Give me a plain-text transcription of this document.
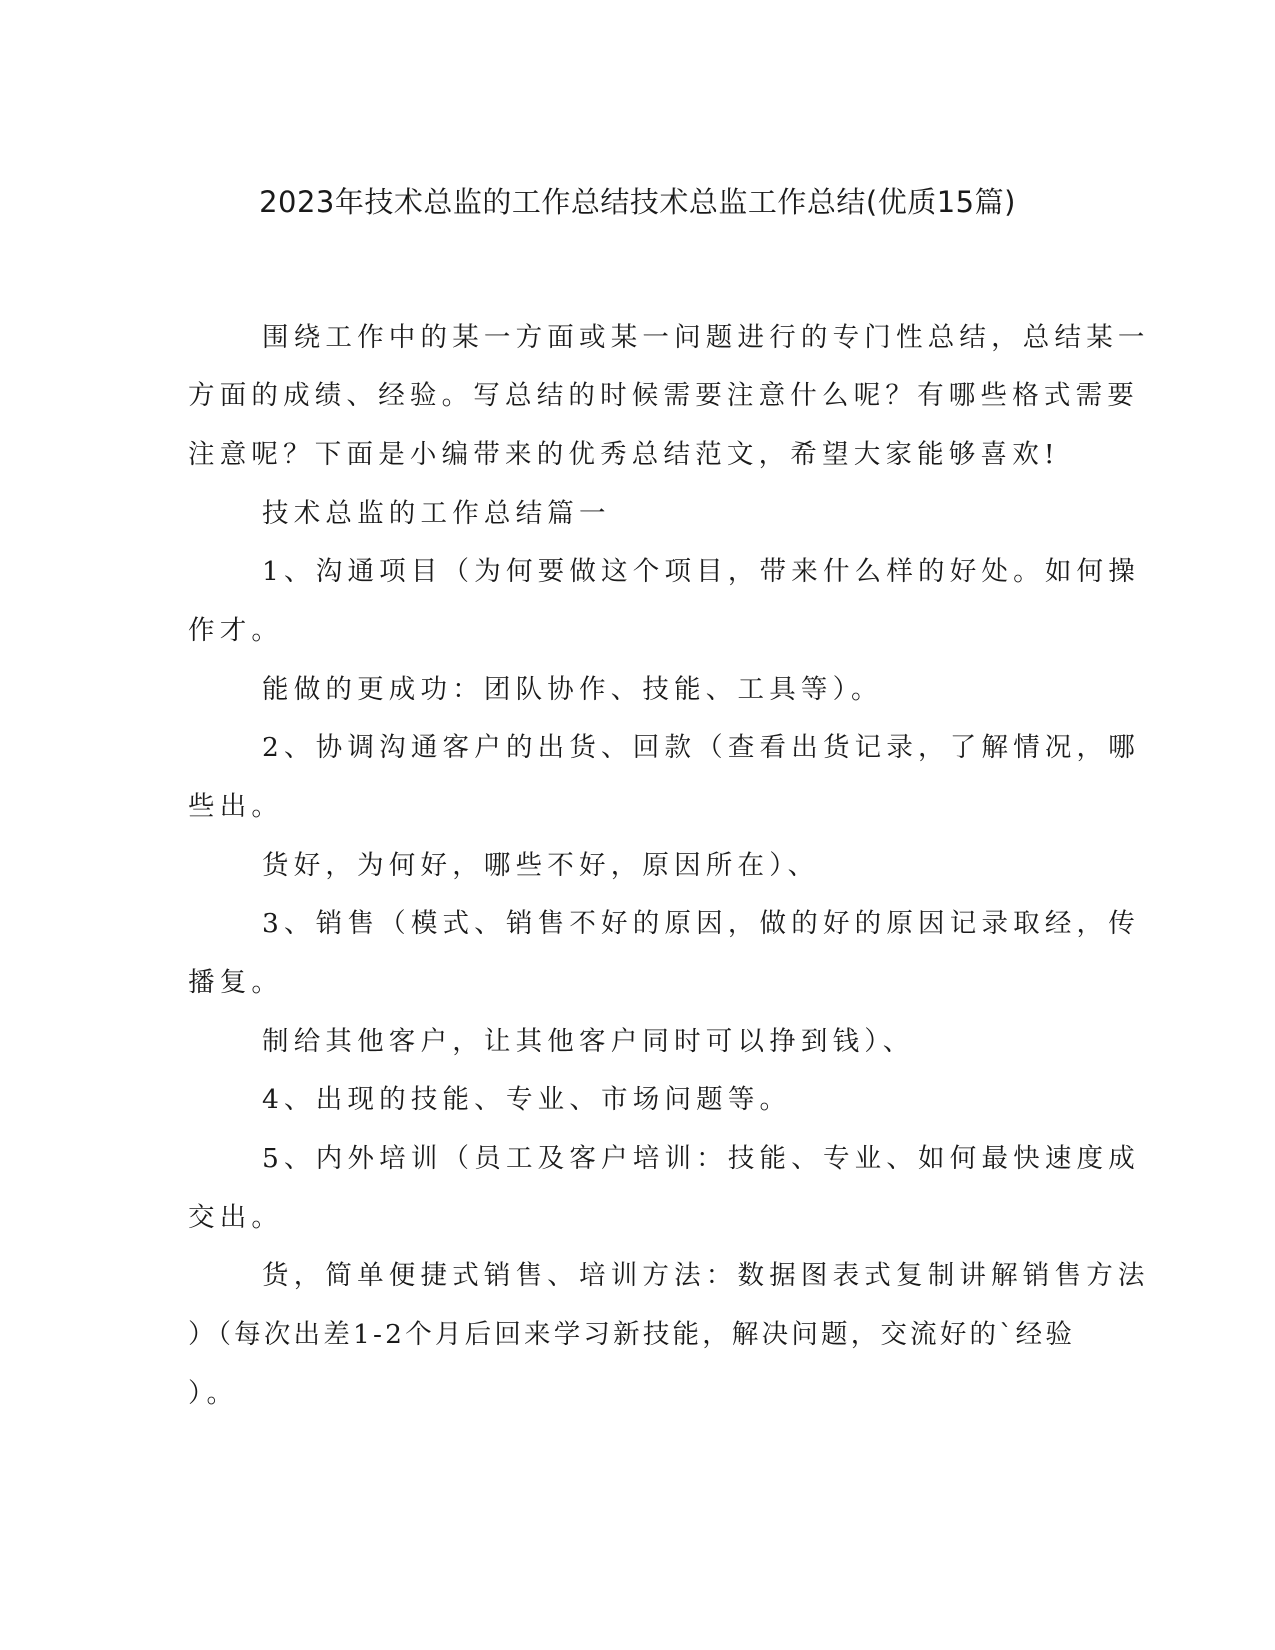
2023年技术总监的工作总结技术总监工作总结(优质15篇)
围绕工作中的某一方面或某一问题进行的专门性总结，总结某一
方面的成绩、经验。写总结的时候需要注意什么呢？有哪些格式需要
注意呢？下面是小编带来的优秀总结范文，希望大家能够喜欢!
技术总监的工作总结篇一
1、沟通项目（为何要做这个项目，带来什么样的好处。如何操
作才。
能做的更成功：团队协作、技能、工具等）。
2、协调沟通客户的出货、回款（查看出货记录，了解情况，哪
些出。
货好，为何好，哪些不好，原因所在）、
3、销售（模式、销售不好的原因，做的好的原因记录取经，传
播复。
制给其他客户，让其他客户同时可以挣到钱）、
4、出现的技能、专业、市场问题等。
5、内外培训（员工及客户培训：技能、专业、如何最快速度成
交出。
货，简单便捷式销售、培训方法：数据图表式复制讲解销售方法
）（每次出差1-2个月后回来学习新技能，解决问题，交流好的`经验
）。
